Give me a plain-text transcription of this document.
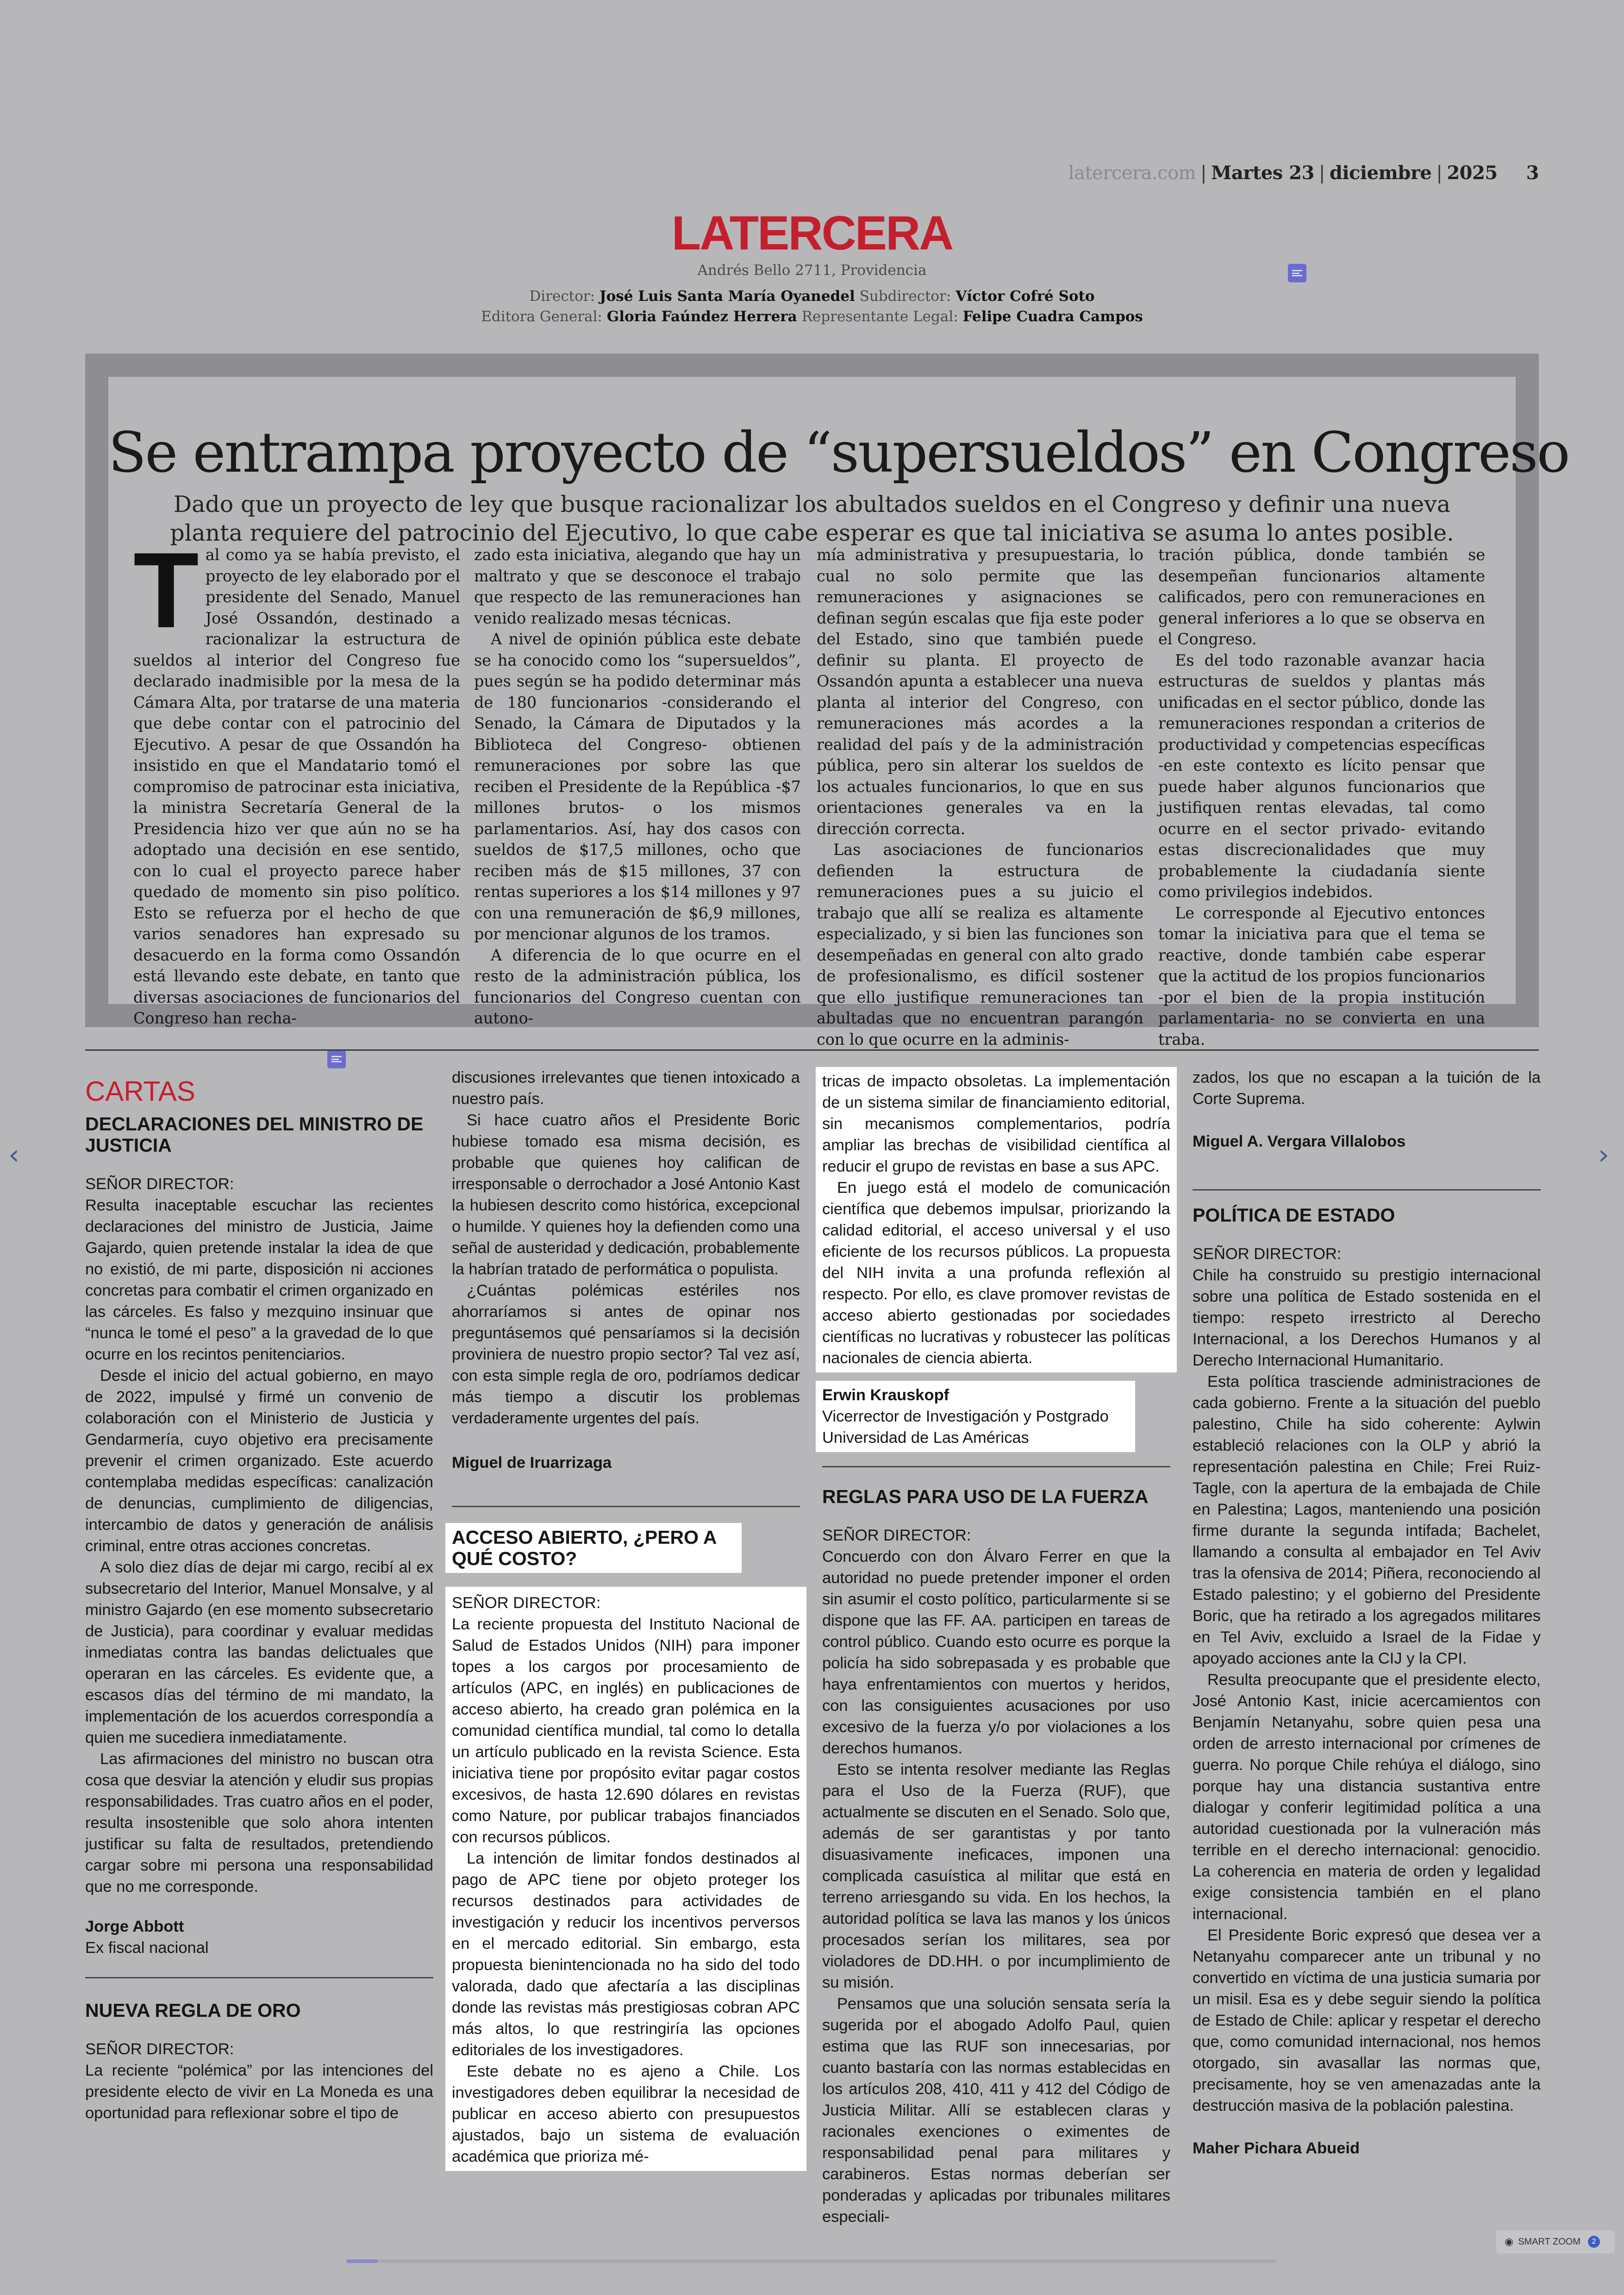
latercera.com | Martes 23 | diciembre | 2025 3
LATERCERA
Andrés Bello 2711, Providencia
Director: José Luis Santa María Oyanedel Subdirector: Víctor Cofré Soto
Editora General: Gloria Faúndez Herrera Representante Legal: Felipe Cuadra Campos
Se entrampa proyecto de “supersueldos” en Congreso
Dado que un proyecto de ley que busque racionalizar los abultados sueldos en el Congreso y definir una nueva planta requiere del patrocinio del Ejecutivo, lo que cabe esperar es que tal iniciativa se asuma lo antes posible.
T al como ya se había previsto, el proyecto de ley elaborado por el presidente del Senado, Manuel José Ossandón, destinado a racionalizar la estructura de sueldos al interior del Congreso fue declarado inadmisible por la mesa de la Cámara Alta, por tratarse de una materia que debe contar con el patrocinio del Ejecutivo. A pesar de que Ossandón ha insistido en que el Mandatario tomó el compromiso de patrocinar esta iniciativa, la ministra Secretaría General de la Presidencia hizo ver que aún no se ha adoptado una decisión en ese sentido, con lo cual el proyecto parece haber quedado de momento sin piso político. Esto se refuerza por el hecho de que varios senadores han expresado su desacuerdo en la forma como Ossandón está llevando este debate, en tanto que diversas asociaciones de funcionarios del Congreso han recha-

zado esta iniciativa, alegando que hay un maltrato y que se desconoce el trabajo que respecto de las remuneraciones han venido realizado mesas técnicas.

A nivel de opinión pública este debate se ha conocido como los “supersueldos”, pues según se ha podido determinar más de 180 funcionarios -considerando el Senado, la Cámara de Diputados y la Biblioteca del Congreso- obtienen remuneraciones por sobre las que reciben el Presidente de la República -$7 millones brutos- o los mismos parlamentarios. Así, hay dos casos con sueldos de $17,5 millones, ocho que reciben más de $15 millones, 37 con rentas superiores a los $14 millones y 97 con una remuneración de $6,9 millones, por mencionar algunos de los tramos.

A diferencia de lo que ocurre en el resto de la administración pública, los funcionarios del Congreso cuentan con autono-

mía administrativa y presupuestaria, lo cual no solo permite que las remuneraciones y asignaciones se definan según escalas que fija este poder del Estado, sino que también puede definir su planta. El proyecto de Ossandón apunta a establecer una nueva planta al interior del Congreso, con remuneraciones más acordes a la realidad del país y de la administración pública, pero sin alterar los sueldos de los actuales funcionarios, lo que en sus orientaciones generales va en la dirección correcta.

Las asociaciones de funcionarios defienden la estructura de remuneraciones pues a su juicio el trabajo que allí se realiza es altamente especializado, y si bien las funciones son desempeñadas en general con alto grado de profesionalismo, es difícil sostener que ello justifique remuneraciones tan abultadas que no encuentran parangón con lo que ocurre en la adminis-

tración pública, donde también se desempeñan funcionarios altamente calificados, pero con remuneraciones en general inferiores a lo que se observa en el Congreso.

Es del todo razonable avanzar hacia estructuras de sueldos y plantas más unificadas en el sector público, donde las remuneraciones respondan a criterios de productividad y competencias específicas -en este contexto es lícito pensar que puede haber algunos funcionarios que justifiquen rentas elevadas, tal como ocurre en el sector privado- evitando estas discrecionalidades que muy probablemente la ciudadanía siente como privilegios indebidos.

Le corresponde al Ejecutivo entonces tomar la iniciativa para que el tema se reactive, donde también cabe esperar que la actitud de los propios funcionarios -por el bien de la propia institución parlamentaria- no se convierta en una traba.

CARTAS
DECLARACIONES DEL MINISTRO DE JUSTICIA
SEÑOR DIRECTOR:

Resulta inaceptable escuchar las recientes declaraciones del ministro de Justicia, Jaime Gajardo, quien pretende instalar la idea de que no existió, de mi parte, disposición ni acciones concretas para combatir el crimen organizado en las cárceles. Es falso y mezquino insinuar que “nunca le tomé el peso” a la gravedad de lo que ocurre en los recintos penitenciarios.

Desde el inicio del actual gobierno, en mayo de 2022, impulsé y firmé un convenio de colaboración con el Ministerio de Justicia y Gendarmería, cuyo objetivo era precisamente prevenir el crimen organizado. Este acuerdo contemplaba medidas específicas: canalización de denuncias, cumplimiento de diligencias, intercambio de datos y generación de análisis criminal, entre otras acciones concretas.

A solo diez días de dejar mi cargo, recibí al ex subsecretario del Interior, Manuel Monsalve, y al ministro Gajardo (en ese momento subsecretario de Justicia), para coordinar y evaluar medidas inmediatas contra las bandas delictuales que operaran en las cárceles. Es evidente que, a escasos días del término de mi mandato, la implementación de los acuerdos correspondía a quien me sucediera inmediatamente.

Las afirmaciones del ministro no buscan otra cosa que desviar la atención y eludir sus propias responsabilidades. Tras cuatro años en el poder, resulta insostenible que solo ahora intenten justificar su falta de resultados, pretendiendo cargar sobre mi persona una responsabilidad que no me corresponde.

Jorge Abbott
Ex fiscal nacional
NUEVA REGLA DE ORO
SEÑOR DIRECTOR:

La reciente “polémica” por las intenciones del presidente electo de vivir en La Moneda es una oportunidad para reflexionar sobre el tipo de

discusiones irrelevantes que tienen intoxicado a nuestro país.

Si hace cuatro años el Presidente Boric hubiese tomado esa misma decisión, es probable que quienes hoy califican de irresponsable o derrochador a José Antonio Kast la hubiesen descrito como histórica, excepcional o humilde. Y quienes hoy la defienden como una señal de austeridad y dedicación, probablemente la habrían tratado de performática o populista.

¿Cuántas polémicas estériles nos ahorraríamos si antes de opinar nos preguntásemos qué pensaríamos si la decisión proviniera de nuestro propio sector? Tal vez así, con esta simple regla de oro, podríamos dedicar más tiempo a discutir los problemas verdaderamente urgentes del país.

Miguel de Iruarrizaga
ACCESO ABIERTO, ¿PERO A QUÉ COSTO?
SEÑOR DIRECTOR:

La reciente propuesta del Instituto Nacional de Salud de Estados Unidos (NIH) para imponer topes a los cargos por procesamiento de artículos (APC, en inglés) en publicaciones de acceso abierto, ha creado gran polémica en la comunidad científica mundial, tal como lo detalla un artículo publicado en la revista Science. Esta iniciativa tiene por propósito evitar pagar costos excesivos, de hasta 12.690 dólares en revistas como Nature, por publicar trabajos financiados con recursos públicos.

La intención de limitar fondos destinados al pago de APC tiene por objeto proteger los recursos destinados para actividades de investigación y reducir los incentivos perversos en el mercado editorial. Sin embargo, esta propuesta bienintencionada no ha sido del todo valorada, dado que afectaría a las disciplinas donde las revistas más prestigiosas cobran APC más altos, lo que restringiría las opciones editoriales de los investigadores.

Este debate no es ajeno a Chile. Los investigadores deben equilibrar la necesidad de publicar en acceso abierto con presupuestos ajustados, bajo un sistema de evaluación académica que prioriza mé-

tricas de impacto obsoletas. La implementación de un sistema similar de financiamiento editorial, sin mecanismos complementarios, podría ampliar las brechas de visibilidad científica al reducir el grupo de revistas en base a sus APC.

En juego está el modelo de comunicación científica que debemos impulsar, priorizando la calidad editorial, el acceso universal y el uso eficiente de los recursos públicos. La propuesta del NIH invita a una profunda reflexión al respecto. Por ello, es clave promover revistas de acceso abierto gestionadas por sociedades científicas no lucrativas y robustecer las políticas nacionales de ciencia abierta.

Erwin Krauskopf
Vicerrector de Investigación y Postgrado
Universidad de Las Américas
REGLAS PARA USO DE LA FUERZA
SEÑOR DIRECTOR:

Concuerdo con don Álvaro Ferrer en que la autoridad no puede pretender imponer el orden sin asumir el costo político, particularmente si se dispone que las FF. AA. participen en tareas de control público. Cuando esto ocurre es porque la policía ha sido sobrepasada y es probable que haya enfrentamientos con muertos y heridos, con las consiguientes acusaciones por uso excesivo de la fuerza y/o por violaciones a los derechos humanos.

Esto se intenta resolver mediante las Reglas para el Uso de la Fuerza (RUF), que actualmente se discuten en el Senado. Solo que, además de ser garantistas y por tanto disuasivamente ineficaces, imponen una complicada casuística al militar que está en terreno arriesgando su vida. En los hechos, la autoridad política se lava las manos y los únicos procesados serían los militares, sea por violadores de DD.HH. o por incumplimiento de su misión.

Pensamos que una solución sensata sería la sugerida por el abogado Adolfo Paul, quien estima que las RUF son innecesarias, por cuanto bastaría con las normas establecidas en los artículos 208, 410, 411 y 412 del Código de Justicia Militar. Allí se establecen claras y racionales exenciones o eximentes de responsabilidad penal para militares y carabineros. Estas normas deberían ser ponderadas y aplicadas por tribunales militares especiali-

zados, los que no escapan a la tuición de la Corte Suprema.

Miguel A. Vergara Villalobos
POLÍTICA DE ESTADO
SEÑOR DIRECTOR:

Chile ha construido su prestigio internacional sobre una política de Estado sostenida en el tiempo: respeto irrestricto al Derecho Internacional, a los Derechos Humanos y al Derecho Internacional Humanitario.

Esta política trasciende administraciones de cada gobierno. Frente a la situación del pueblo palestino, Chile ha sido coherente: Aylwin estableció relaciones con la OLP y abrió la representación palestina en Chile; Frei Ruiz-Tagle, con la apertura de la embajada de Chile en Palestina; Lagos, manteniendo una posición firme durante la segunda intifada; Bachelet, llamando a consulta al embajador en Tel Aviv tras la ofensiva de 2014; Piñera, reconociendo al Estado palestino; y el gobierno del Presidente Boric, que ha retirado a los agregados militares en Tel Aviv, excluido a Israel de la Fidae y apoyado acciones ante la CIJ y la CPI.

Resulta preocupante que el presidente electo, José Antonio Kast, inicie acercamientos con Benjamín Netanyahu, sobre quien pesa una orden de arresto internacional por crímenes de guerra. No porque Chile rehúya el diálogo, sino porque hay una distancia sustantiva entre dialogar y conferir legitimidad política a una autoridad cuestionada por la vulneración más terrible en el derecho internacional: genocidio. La coherencia en materia de orden y legalidad exige consistencia también en el plano internacional.

El Presidente Boric expresó que desea ver a Netanyahu comparecer ante un tribunal y no convertido en víctima de una justicia sumaria por un misil. Esa es y debe seguir siendo la política de Estado de Chile: aplicar y respetar el derecho que, como comunidad internacional, nos hemos otorgado, sin avasallar las normas que, precisamente, hoy se ven amenazadas ante la destrucción masiva de la población palestina.

Maher Pichara Abueid
‹	›
◉ SMART ZOOM	2
